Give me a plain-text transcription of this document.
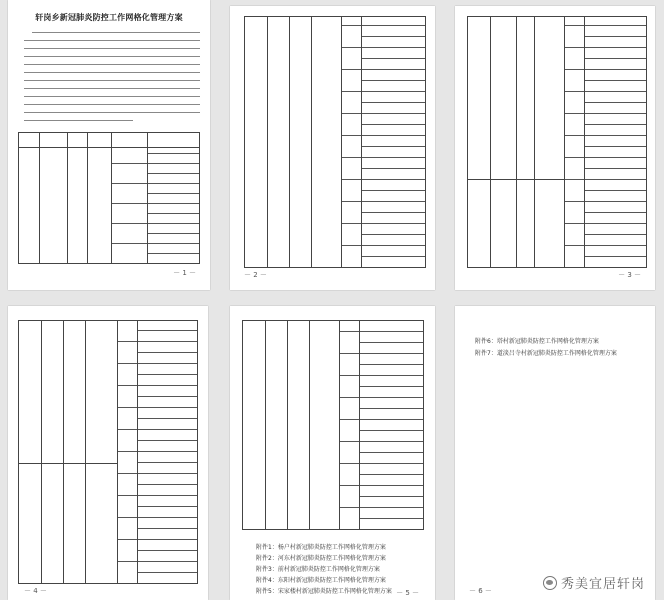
轩岗乡新冠肺炎防控工作网格化管理方案
－ 1 －	－ 2 －	－ 3 －
－ 4 －
附件1：杨户村新冠肺炎防控工作网格化管理方案
附件2：河东村新冠肺炎防控工作网格化管理方案
附件3：前村新冠肺炎防控工作网格化管理方案
附件4：东阳村新冠肺炎防控工作网格化管理方案
附件5：宋家楼村新冠肺炎防控工作网格化管理方案 － 5 －
附件6：塔村新冠肺炎防控工作网格化管理方案
附件7：道淡吕寺村新冠肺炎防控工作网格化管理方案
－ 6 －	秀美宜居轩岗
